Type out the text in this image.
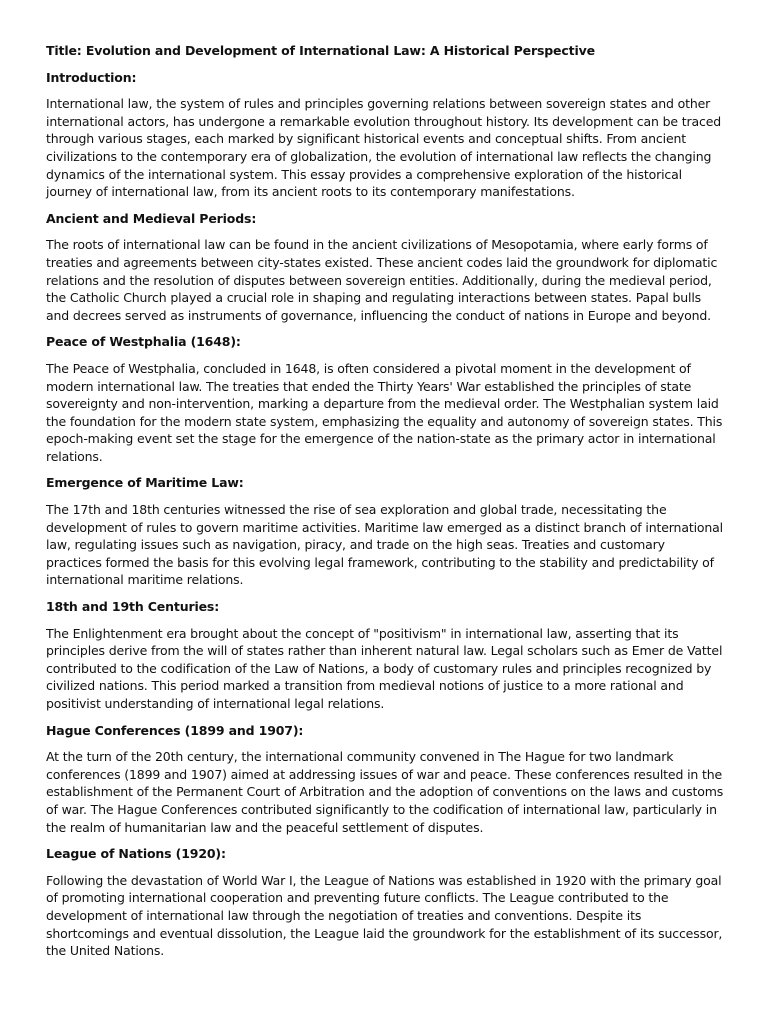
Title: Evolution and Development of International Law: A Historical Perspective
Introduction:
International law, the system of rules and principles governing relations between sovereign states and other international actors, has undergone a remarkable evolution throughout history. Its development can be traced through various stages, each marked by significant historical events and conceptual shifts. From ancient civilizations to the contemporary era of globalization, the evolution of international law reflects the changing dynamics of the international system. This essay provides a comprehensive exploration of the historical journey of international law, from its ancient roots to its contemporary manifestations.
Ancient and Medieval Periods:
The roots of international law can be found in the ancient civilizations of Mesopotamia, where early forms of treaties and agreements between city-states existed. These ancient codes laid the groundwork for diplomatic relations and the resolution of disputes between sovereign entities. Additionally, during the medieval period, the Catholic Church played a crucial role in shaping and regulating interactions between states. Papal bulls and decrees served as instruments of governance, influencing the conduct of nations in Europe and beyond.
Peace of Westphalia (1648):
The Peace of Westphalia, concluded in 1648, is often considered a pivotal moment in the development of modern international law. The treaties that ended the Thirty Years' War established the principles of state sovereignty and non-intervention, marking a departure from the medieval order. The Westphalian system laid the foundation for the modern state system, emphasizing the equality and autonomy of sovereign states. This epoch-making event set the stage for the emergence of the nation-state as the primary actor in international relations.
Emergence of Maritime Law:
The 17th and 18th centuries witnessed the rise of sea exploration and global trade, necessitating the development of rules to govern maritime activities. Maritime law emerged as a distinct branch of international law, regulating issues such as navigation, piracy, and trade on the high seas. Treaties and customary practices formed the basis for this evolving legal framework, contributing to the stability and predictability of international maritime relations.
18th and 19th Centuries:
The Enlightenment era brought about the concept of "positivism" in international law, asserting that its principles derive from the will of states rather than inherent natural law. Legal scholars such as Emer de Vattel contributed to the codification of the Law of Nations, a body of customary rules and principles recognized by civilized nations. This period marked a transition from medieval notions of justice to a more rational and positivist understanding of international legal relations.
Hague Conferences (1899 and 1907):
At the turn of the 20th century, the international community convened in The Hague for two landmark conferences (1899 and 1907) aimed at addressing issues of war and peace. These conferences resulted in the establishment of the Permanent Court of Arbitration and the adoption of conventions on the laws and customs of war. The Hague Conferences contributed significantly to the codification of international law, particularly in the realm of humanitarian law and the peaceful settlement of disputes.
League of Nations (1920):
Following the devastation of World War I, the League of Nations was established in 1920 with the primary goal of promoting international cooperation and preventing future conflicts. The League contributed to the development of international law through the negotiation of treaties and conventions. Despite its shortcomings and eventual dissolution, the League laid the groundwork for the establishment of its successor, the United Nations.
